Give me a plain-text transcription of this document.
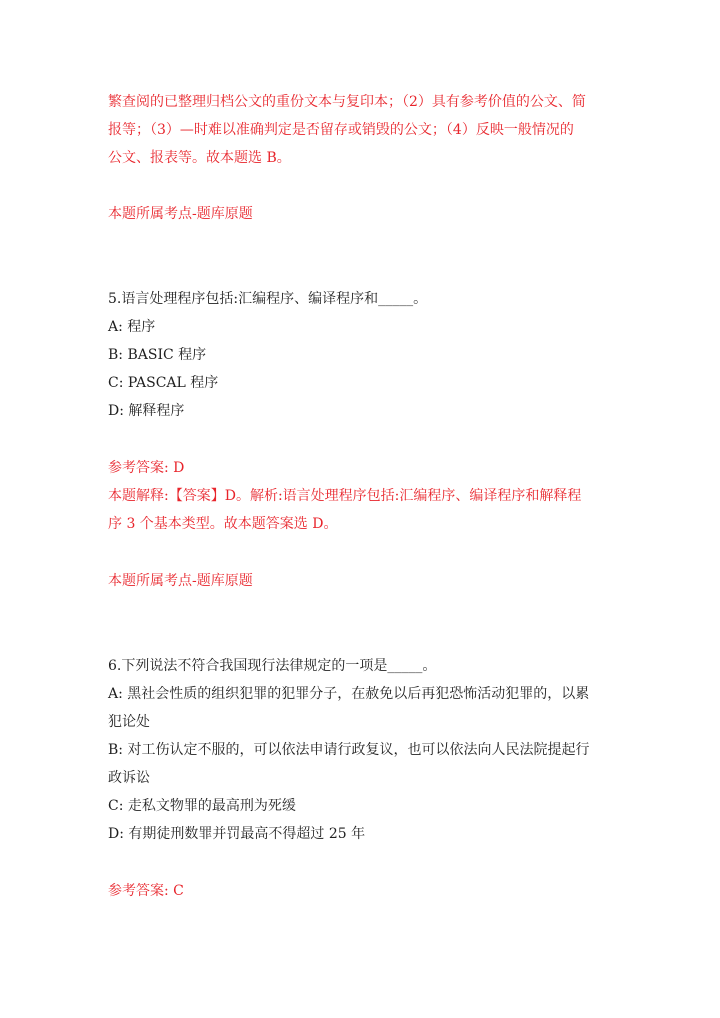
繁查阅的已整理归档公文的重份文本与复印本；（2）具有参考价值的公文、简
报等；（3）—时难以准确判定是否留存或销毁的公文；（4）反映一般情况的
公文、报表等。故本题选 B。
本题所属考点-题库原题
5.语言处理程序包括:汇编程序、编译程序和_____。
A: 程序
B: BASIC 程序
C: PASCAL 程序
D: 解释程序
参考答案: D
本题解释:【答案】D。解析:语言处理程序包括:汇编程序、编译程序和解释程
序 3 个基本类型。故本题答案选 D。
本题所属考点-题库原题
6.下列说法不符合我国现行法律规定的一项是_____。
A: 黑社会性质的组织犯罪的犯罪分子，在赦免以后再犯恐怖活动犯罪的，以累
犯论处
B: 对工伤认定不服的，可以依法申请行政复议，也可以依法向人民法院提起行
政诉讼
C: 走私文物罪的最高刑为死缓
D: 有期徒刑数罪并罚最高不得超过 25 年
参考答案: C
